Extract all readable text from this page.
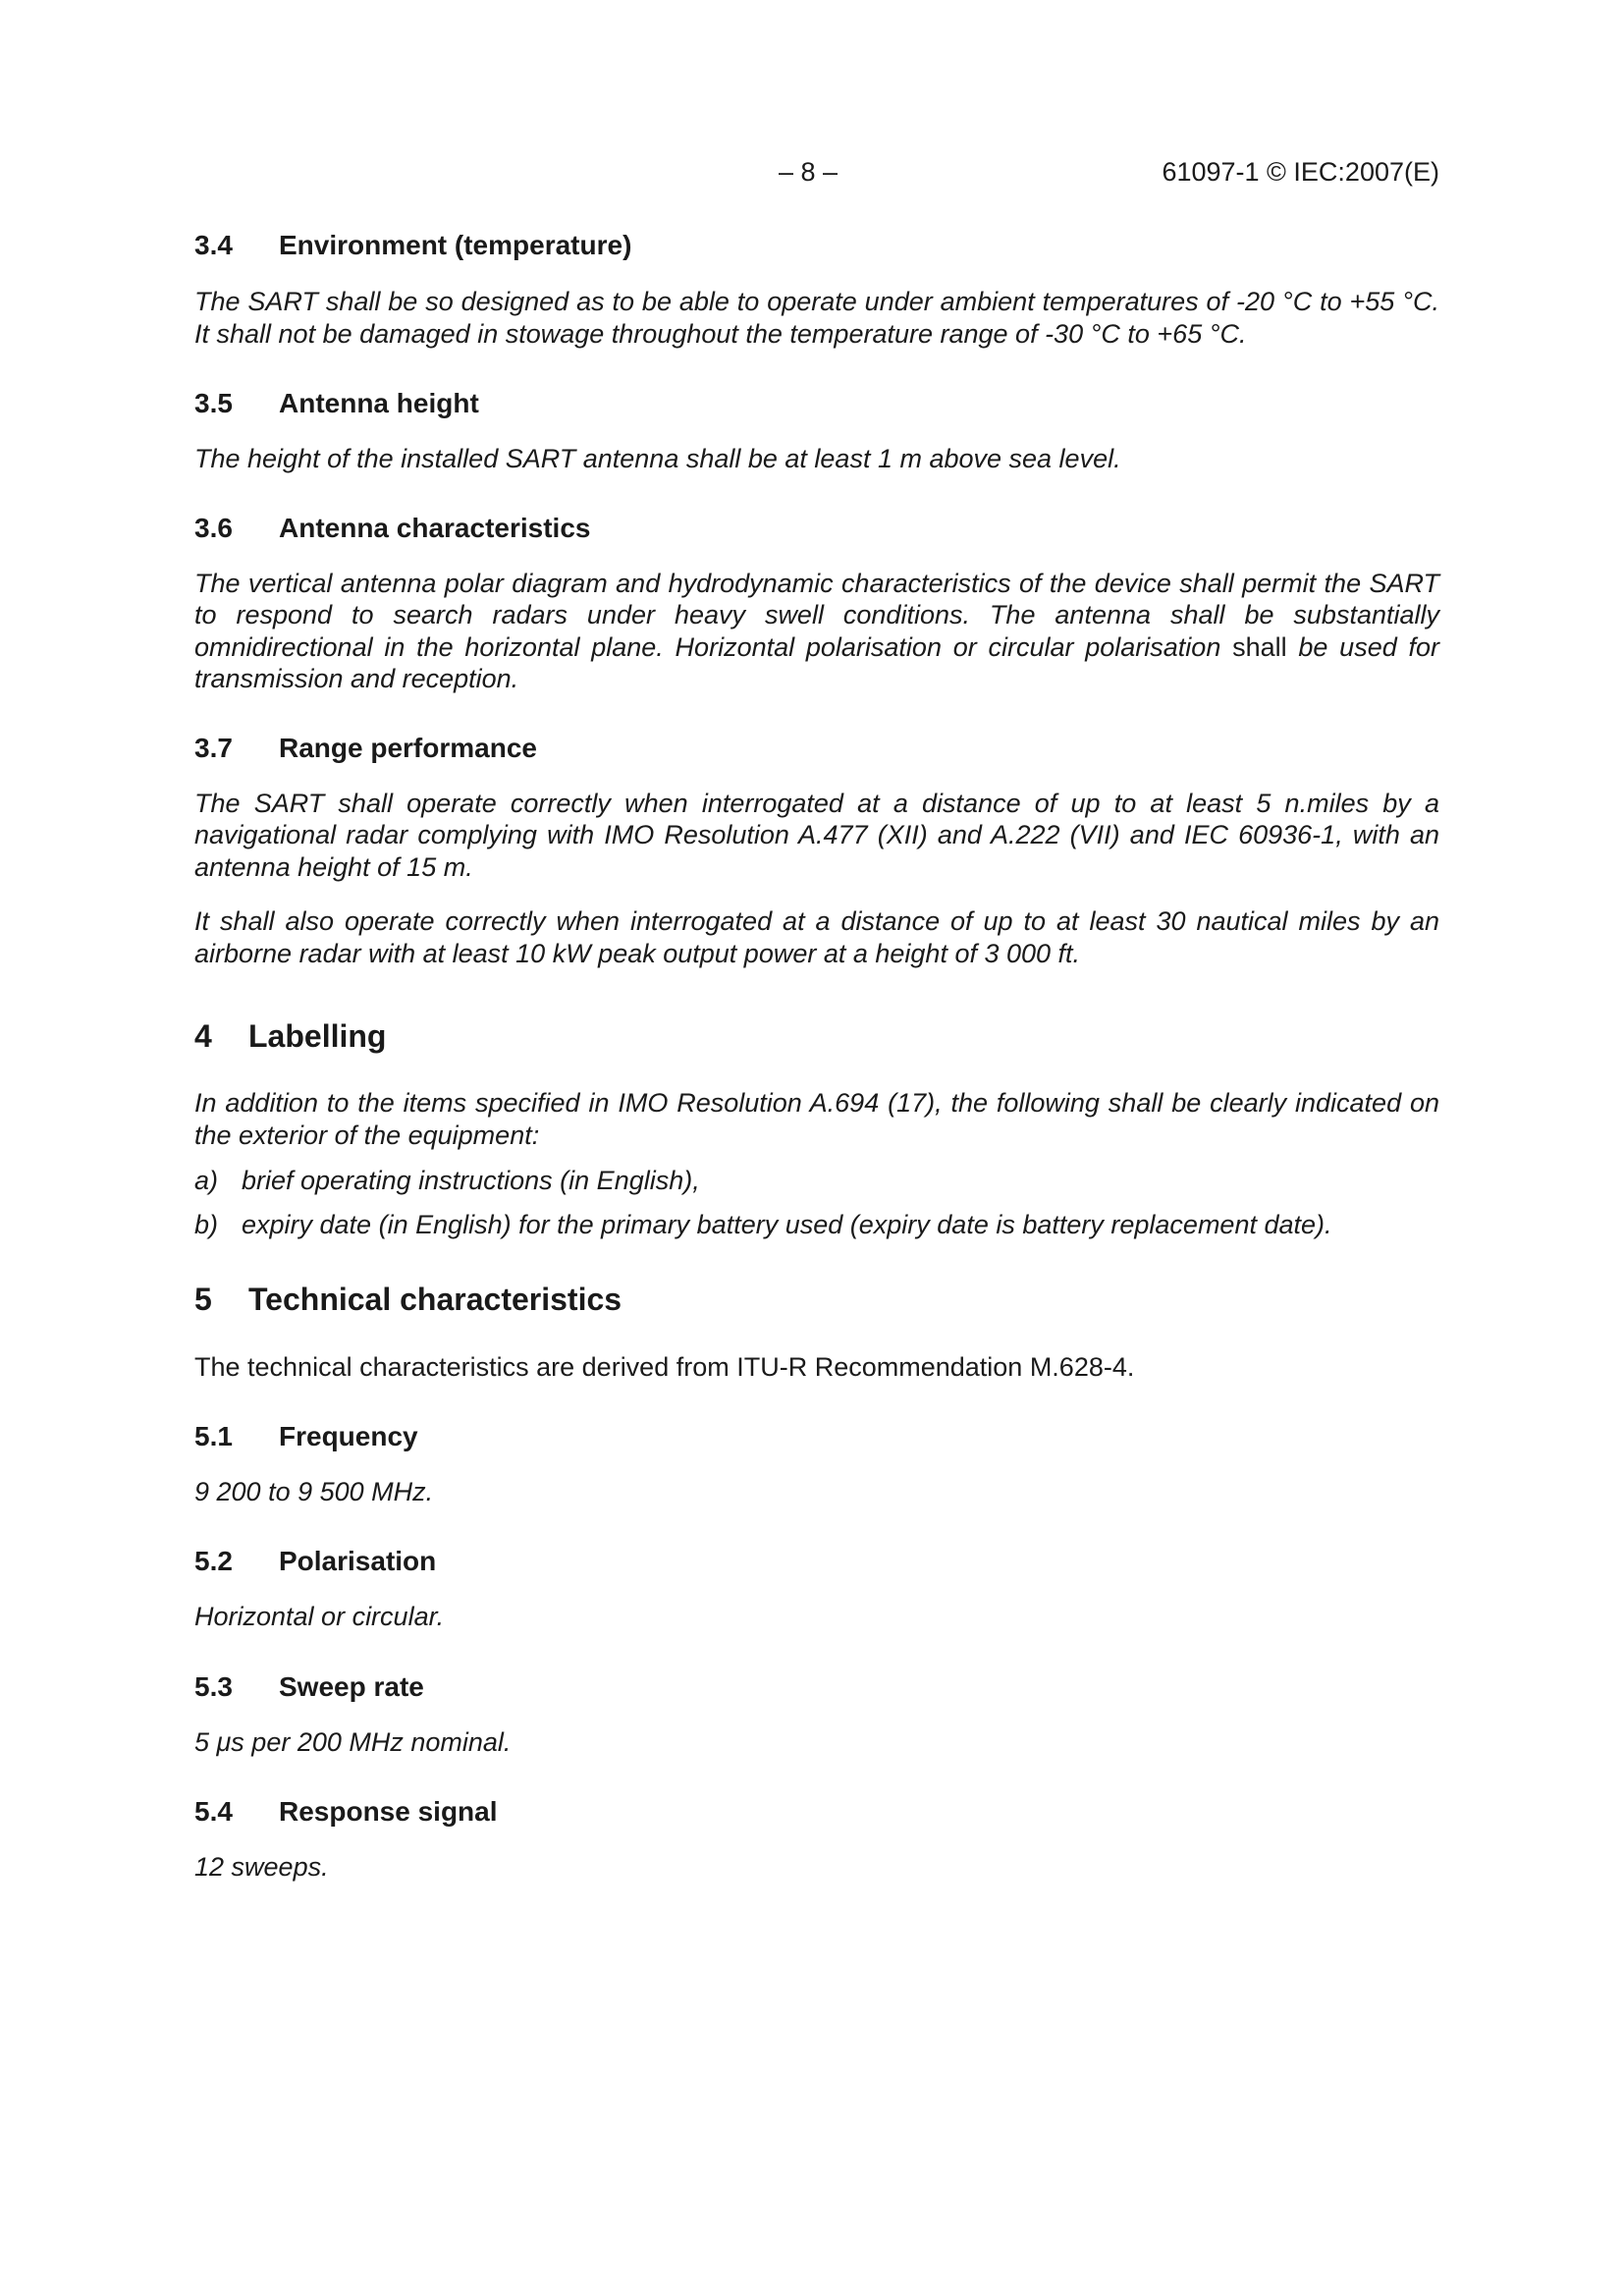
– 8 –	61097-1 © IEC:2007(E)
3.4	Environment (temperature)

The SART shall be so designed as to be able to operate under ambient temperatures of -20 °C to +55 °C. It shall not be damaged in stowage throughout the temperature range of -30 °C to +65 °C.

3.5	Antenna height

The height of the installed SART antenna shall be at least 1 m above sea level.

3.6	Antenna characteristics

The vertical antenna polar diagram and hydrodynamic characteristics of the device shall permit the SART to respond to search radars under heavy swell conditions. The antenna shall be substantially omnidirectional in the horizontal plane. Horizontal polarisation or circular polarisation shall be used for transmission and reception.

3.7	Range performance

The SART shall operate correctly when interrogated at a distance of up to at least 5 n.miles by a navigational radar complying with IMO Resolution A.477 (XII) and A.222 (VII) and IEC 60936-1, with an antenna height of 15 m.

It shall also operate correctly when interrogated at a distance of up to at least 30 nautical miles by an airborne radar with at least 10 kW peak output power at a height of 3 000 ft.

4	Labelling

In addition to the items specified in IMO Resolution A.694 (17), the following shall be clearly indicated on the exterior of the equipment:

a) brief operating instructions (in English),
b) expiry date (in English) for the primary battery used (expiry date is battery replacement date).
5	Technical characteristics

The technical characteristics are derived from ITU-R Recommendation M.628-4.

5.1	Frequency

9 200 to 9 500 MHz.

5.2	Polarisation

Horizontal or circular.

5.3	Sweep rate

5 μs per 200 MHz nominal.

5.4	Response signal

12 sweeps.
